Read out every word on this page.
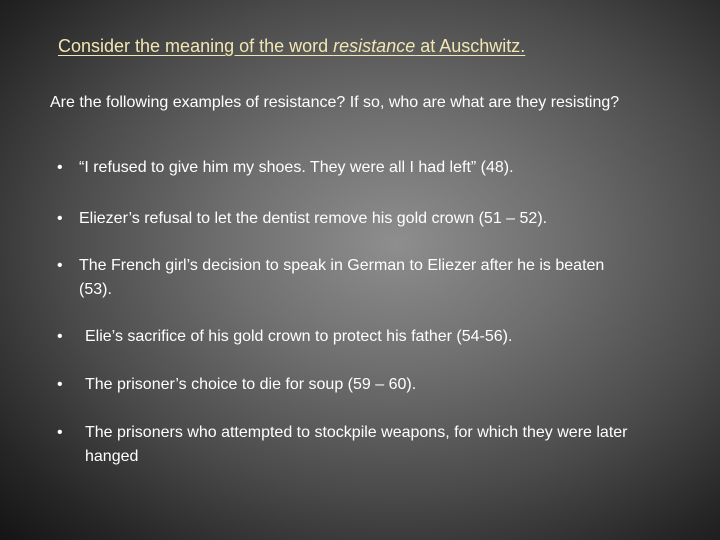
Consider the meaning of the word resistance at Auschwitz.
Are the following examples of resistance? If so, who are what are they resisting?
•	“I refused to give him my shoes. They were all I had left” (48).
•	Eliezer’s refusal to let the dentist remove his gold crown (51 – 52).
•	The French girl’s decision to speak in German to Eliezer after he is beaten (53).
•	Elie’s sacrifice of his gold crown to protect his father (54-56).
•	The prisoner’s choice to die for soup (59 – 60).
•	The prisoners who attempted to stockpile weapons, for which they were later hanged
